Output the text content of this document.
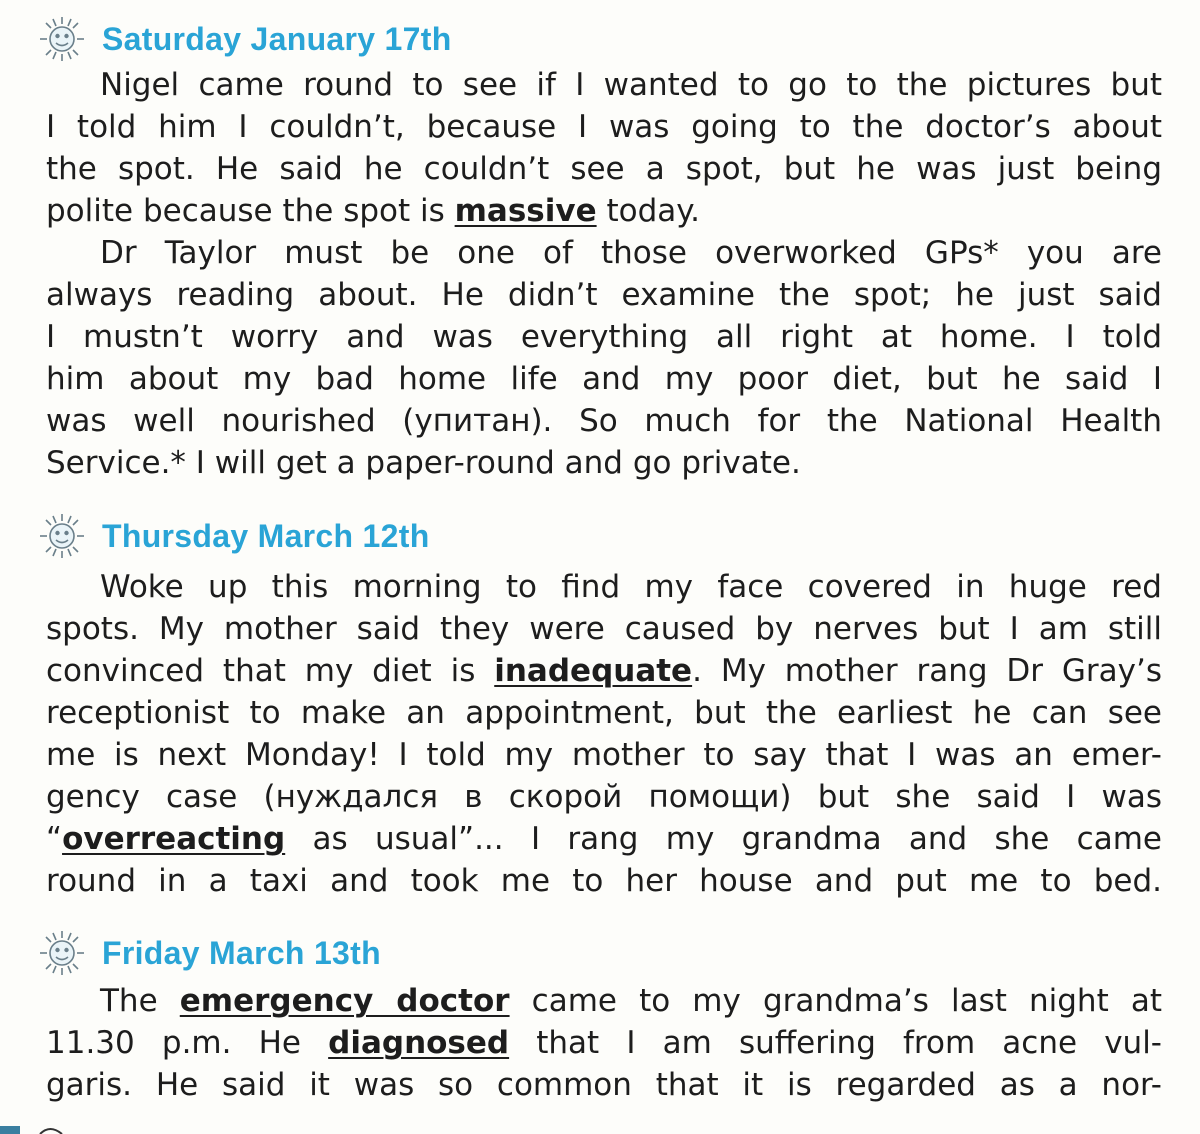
Saturday January 17th
Nigel came round to see if I wanted to go to the pictures but
I told him I couldn’t, because I was going to the doctor’s about
the spot. He said he couldn’t see a spot, but he was just being
polite because the spot is massive today.
Dr Taylor must be one of those overworked GPs* you are
always reading about. He didn’t examine the spot; he just said
I mustn’t worry and was everything all right at home. I told
him about my bad home life and my poor diet, but he said I
was well nourished (упитан). So much for the National Health
Service.* I will get a paper-round and go private.
Thursday March 12th
Woke up this morning to find my face covered in huge red
spots. My mother said they were caused by nerves but I am still
convinced that my diet is inadequate. My mother rang Dr Gray’s
receptionist to make an appointment, but the earliest he can see
me is next Monday! I told my mother to say that I was an emer-
gency case (нуждался в скорой помощи) but she said I was
“overreacting as usual”... I rang my grandma and she came
round in a taxi and took me to her house and put me to bed.
Friday March 13th
The emergency doctor came to my grandma’s last night at
11.30 p.m. He diagnosed that I am suffering from acne vul-
garis. He said it was so common that it is regarded as a nor-
